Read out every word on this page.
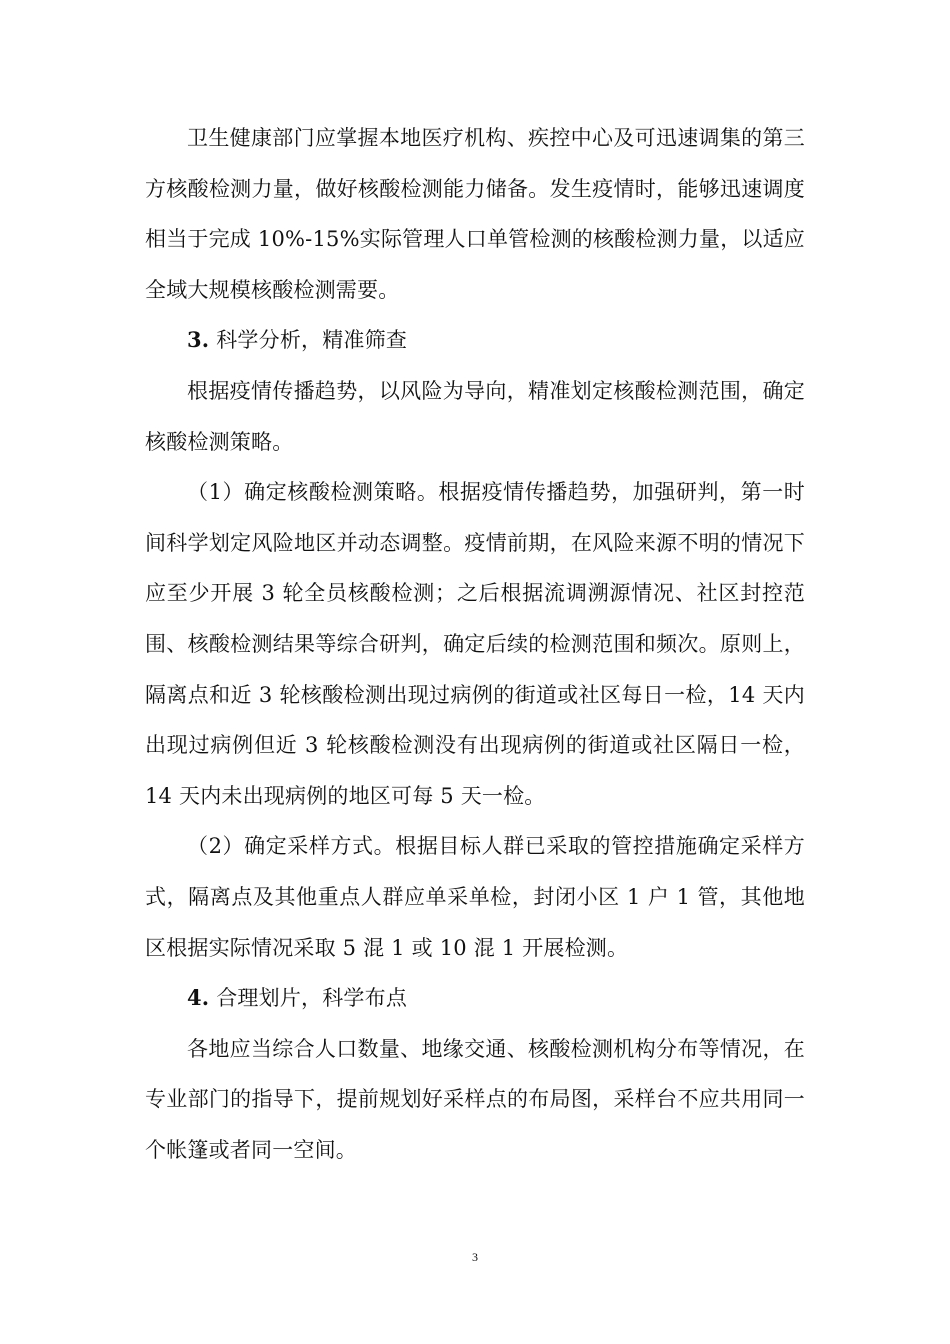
卫生健康部门应掌握本地医疗机构、疾控中心及可迅速调集的第三方核酸检测力量，做好核酸检测能力储备。发生疫情时，能够迅速调度相当于完成 10%-15%实际管理人口单管检测的核酸检测力量，以适应全域大规模核酸检测需要。

3. 科学分析，精准筛查

根据疫情传播趋势，以风险为导向，精准划定核酸检测范围，确定核酸检测策略。

（1）确定核酸检测策略。根据疫情传播趋势，加强研判，第一时间科学划定风险地区并动态调整。疫情前期，在风险来源不明的情况下应至少开展 3 轮全员核酸检测；之后根据流调溯源情况、社区封控范围、核酸检测结果等综合研判，确定后续的检测范围和频次。原则上，隔离点和近 3 轮核酸检测出现过病例的街道或社区每日一检，14 天内出现过病例但近 3 轮核酸检测没有出现病例的街道或社区隔日一检，14 天内未出现病例的地区可每 5 天一检。

（2）确定采样方式。根据目标人群已采取的管控措施确定采样方式，隔离点及其他重点人群应单采单检，封闭小区 1 户 1 管，其他地区根据实际情况采取 5 混 1 或 10 混 1 开展检测。

4. 合理划片，科学布点

各地应当综合人口数量、地缘交通、核酸检测机构分布等情况，在专业部门的指导下，提前规划好采样点的布局图，采样台不应共用同一个帐篷或者同一空间。

3
